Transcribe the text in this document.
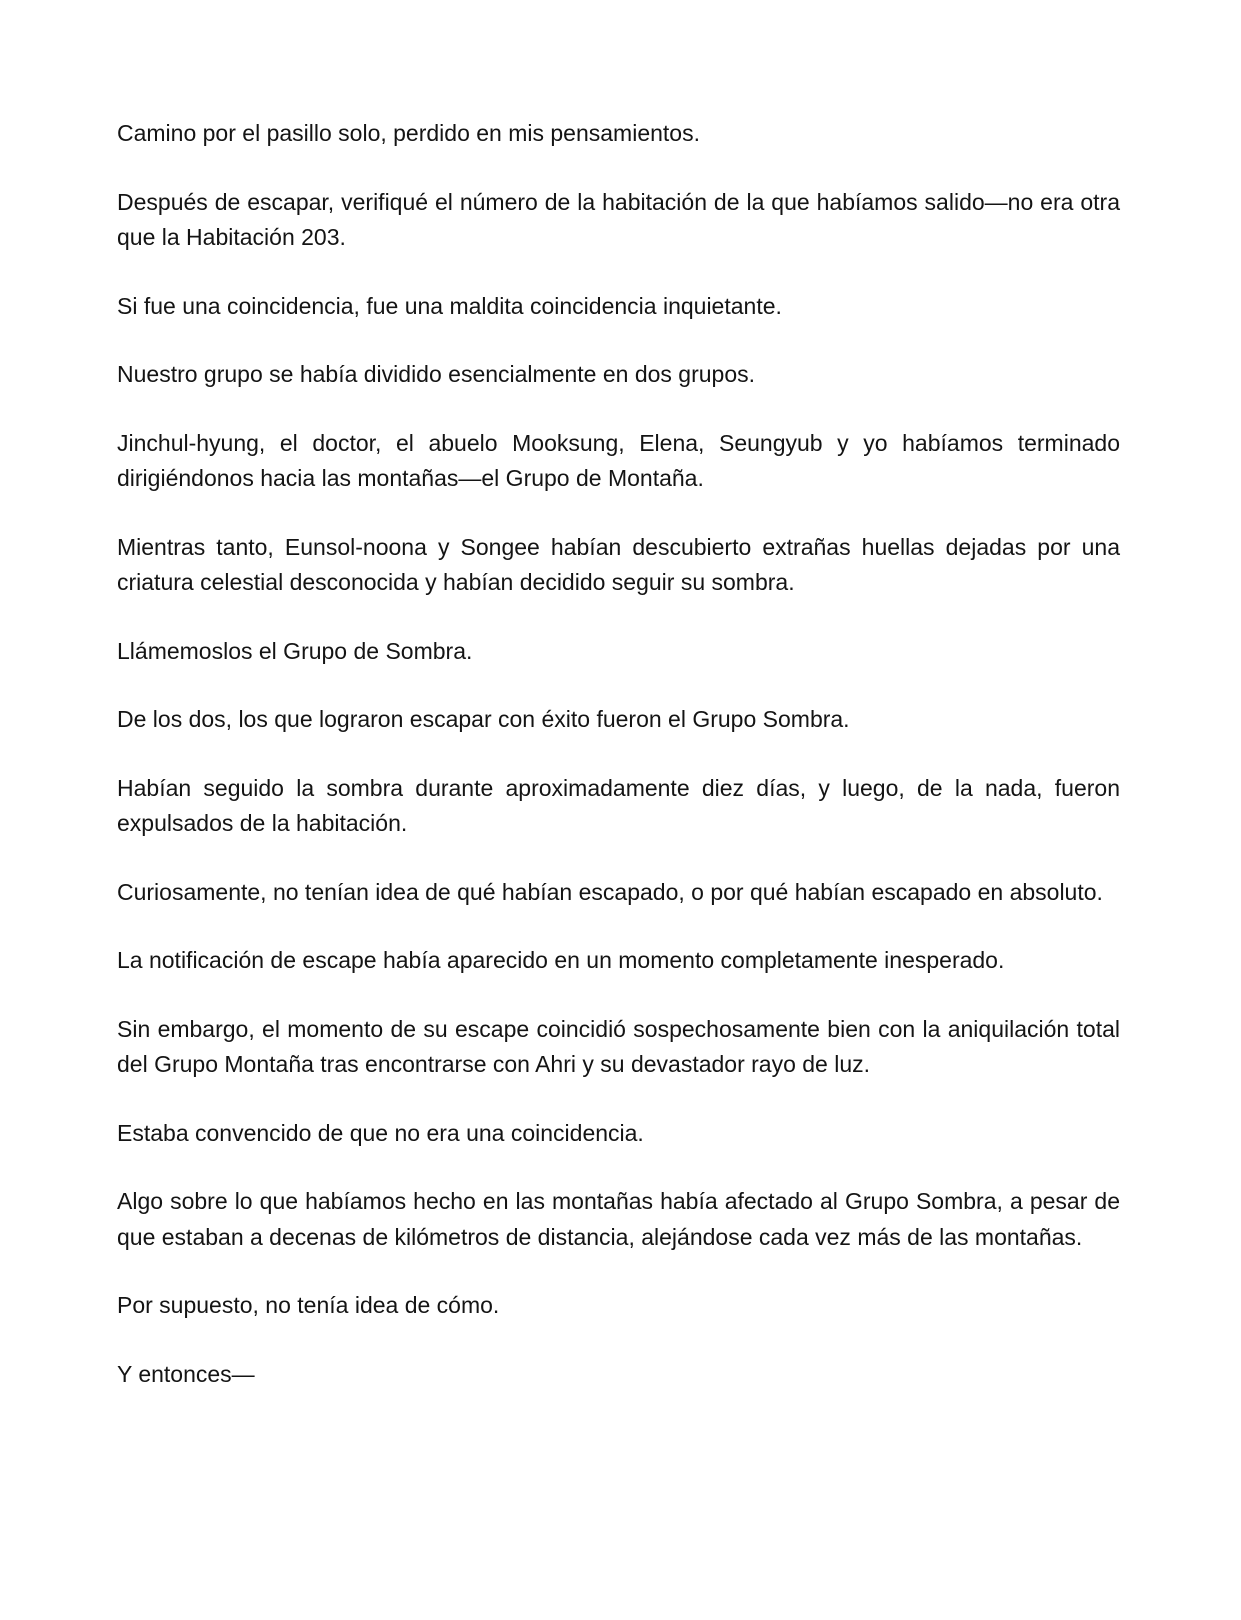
Camino por el pasillo solo, perdido en mis pensamientos.

Después de escapar, verifiqué el número de la habitación de la que habíamos salido—no era otra que la Habitación 203.

Si fue una coincidencia, fue una maldita coincidencia inquietante.

Nuestro grupo se había dividido esencialmente en dos grupos.

Jinchul-hyung, el doctor, el abuelo Mooksung, Elena, Seungyub y yo habíamos terminado dirigiéndonos hacia las montañas—el Grupo de Montaña.

Mientras tanto, Eunsol-noona y Songee habían descubierto extrañas huellas dejadas por una criatura celestial desconocida y habían decidido seguir su sombra.

Llámemoslos el Grupo de Sombra.

De los dos, los que lograron escapar con éxito fueron el Grupo Sombra.

Habían seguido la sombra durante aproximadamente diez días, y luego, de la nada, fueron expulsados de la habitación.

Curiosamente, no tenían idea de qué habían escapado, o por qué habían escapado en absoluto.

La notificación de escape había aparecido en un momento completamente inesperado.

Sin embargo, el momento de su escape coincidió sospechosamente bien con la aniquilación total del Grupo Montaña tras encontrarse con Ahri y su devastador rayo de luz.

Estaba convencido de que no era una coincidencia.

Algo sobre lo que habíamos hecho en las montañas había afectado al Grupo Sombra, a pesar de que estaban a decenas de kilómetros de distancia, alejándose cada vez más de las montañas.

Por supuesto, no tenía idea de cómo.

Y entonces—
